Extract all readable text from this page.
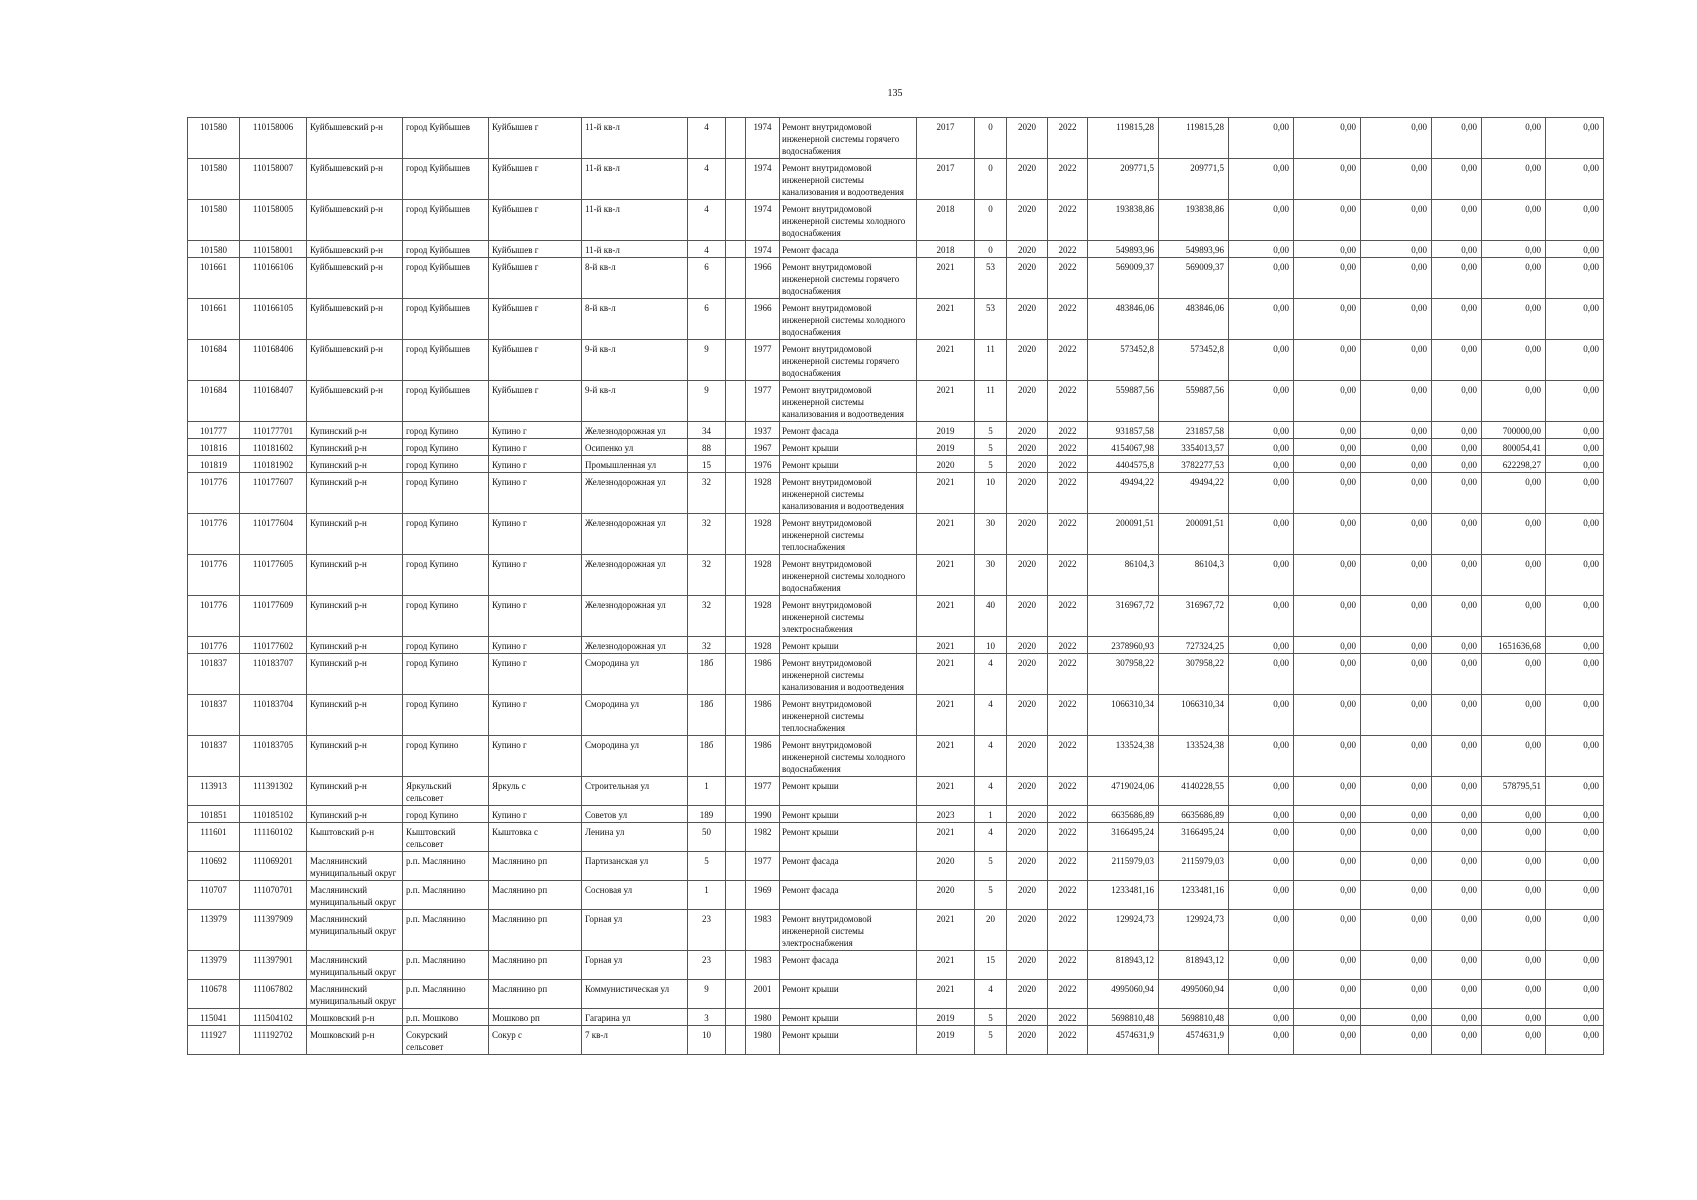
135
101580	110158006	Куйбышевский р-н	город Куйбышев	Куйбышев г	11-й кв-л	4		1974	Ремонт внутридомовой инженерной системы горячего водоснабжения	2017	0	2020	2022	119815,28	119815,28	0,00	0,00	0,00	0,00	0,00	0,00
101580	110158007	Куйбышевский р-н	город Куйбышев	Куйбышев г	11-й кв-л	4		1974	Ремонт внутридомовой инженерной системы канализования и водоотведения	2017	0	2020	2022	209771,5	209771,5	0,00	0,00	0,00	0,00	0,00	0,00
101580	110158005	Куйбышевский р-н	город Куйбышев	Куйбышев г	11-й кв-л	4		1974	Ремонт внутридомовой инженерной системы холодного водоснабжения	2018	0	2020	2022	193838,86	193838,86	0,00	0,00	0,00	0,00	0,00	0,00
101580	110158001	Куйбышевский р-н	город Куйбышев	Куйбышев г	11-й кв-л	4		1974	Ремонт фасада	2018	0	2020	2022	549893,96	549893,96	0,00	0,00	0,00	0,00	0,00	0,00
101661	110166106	Куйбышевский р-н	город Куйбышев	Куйбышев г	8-й кв-л	6		1966	Ремонт внутридомовой инженерной системы горячего водоснабжения	2021	53	2020	2022	569009,37	569009,37	0,00	0,00	0,00	0,00	0,00	0,00
101661	110166105	Куйбышевский р-н	город Куйбышев	Куйбышев г	8-й кв-л	6		1966	Ремонт внутридомовой инженерной системы холодного водоснабжения	2021	53	2020	2022	483846,06	483846,06	0,00	0,00	0,00	0,00	0,00	0,00
101684	110168406	Куйбышевский р-н	город Куйбышев	Куйбышев г	9-й кв-л	9		1977	Ремонт внутридомовой инженерной системы горячего водоснабжения	2021	11	2020	2022	573452,8	573452,8	0,00	0,00	0,00	0,00	0,00	0,00
101684	110168407	Куйбышевский р-н	город Куйбышев	Куйбышев г	9-й кв-л	9		1977	Ремонт внутридомовой инженерной системы канализования и водоотведения	2021	11	2020	2022	559887,56	559887,56	0,00	0,00	0,00	0,00	0,00	0,00
101777	110177701	Купинский р-н	город Купино	Купино г	Железнодорожная ул	34		1937	Ремонт фасада	2019	5	2020	2022	931857,58	231857,58	0,00	0,00	0,00	0,00	700000,00	0,00
101816	110181602	Купинский р-н	город Купино	Купино г	Осипенко ул	88		1967	Ремонт крыши	2019	5	2020	2022	4154067,98	3354013,57	0,00	0,00	0,00	0,00	800054,41	0,00
101819	110181902	Купинский р-н	город Купино	Купино г	Промышленная ул	15		1976	Ремонт крыши	2020	5	2020	2022	4404575,8	3782277,53	0,00	0,00	0,00	0,00	622298,27	0,00
101776	110177607	Купинский р-н	город Купино	Купино г	Железнодорожная ул	32		1928	Ремонт внутридомовой инженерной системы канализования и водоотведения	2021	10	2020	2022	49494,22	49494,22	0,00	0,00	0,00	0,00	0,00	0,00
101776	110177604	Купинский р-н	город Купино	Купино г	Железнодорожная ул	32		1928	Ремонт внутридомовой инженерной системы теплоснабжения	2021	30	2020	2022	200091,51	200091,51	0,00	0,00	0,00	0,00	0,00	0,00
101776	110177605	Купинский р-н	город Купино	Купино г	Железнодорожная ул	32		1928	Ремонт внутридомовой инженерной системы холодного водоснабжения	2021	30	2020	2022	86104,3	86104,3	0,00	0,00	0,00	0,00	0,00	0,00
101776	110177609	Купинский р-н	город Купино	Купино г	Железнодорожная ул	32		1928	Ремонт внутридомовой инженерной системы электроснабжения	2021	40	2020	2022	316967,72	316967,72	0,00	0,00	0,00	0,00	0,00	0,00
101776	110177602	Купинский р-н	город Купино	Купино г	Железнодорожная ул	32		1928	Ремонт крыши	2021	10	2020	2022	2378960,93	727324,25	0,00	0,00	0,00	0,00	1651636,68	0,00
101837	110183707	Купинский р-н	город Купино	Купино г	Смородина ул	18б		1986	Ремонт внутридомовой инженерной системы канализования и водоотведения	2021	4	2020	2022	307958,22	307958,22	0,00	0,00	0,00	0,00	0,00	0,00
101837	110183704	Купинский р-н	город Купино	Купино г	Смородина ул	18б		1986	Ремонт внутридомовой инженерной системы теплоснабжения	2021	4	2020	2022	1066310,34	1066310,34	0,00	0,00	0,00	0,00	0,00	0,00
101837	110183705	Купинский р-н	город Купино	Купино г	Смородина ул	18б		1986	Ремонт внутридомовой инженерной системы холодного водоснабжения	2021	4	2020	2022	133524,38	133524,38	0,00	0,00	0,00	0,00	0,00	0,00
113913	111391302	Купинский р-н	Яркульский сельсовет	Яркуль с	Строительная ул	1		1977	Ремонт крыши	2021	4	2020	2022	4719024,06	4140228,55	0,00	0,00	0,00	0,00	578795,51	0,00
101851	110185102	Купинский р-н	город Купино	Купино г	Советов ул	189		1990	Ремонт крыши	2023	1	2020	2022	6635686,89	6635686,89	0,00	0,00	0,00	0,00	0,00	0,00
111601	111160102	Кыштовский р-н	Кыштовский сельсовет	Кыштовка с	Ленина ул	50		1982	Ремонт крыши	2021	4	2020	2022	3166495,24	3166495,24	0,00	0,00	0,00	0,00	0,00	0,00
110692	111069201	Маслянинский муниципальный округ	р.п. Маслянино	Маслянино рп	Партизанская ул	5		1977	Ремонт фасада	2020	5	2020	2022	2115979,03	2115979,03	0,00	0,00	0,00	0,00	0,00	0,00
110707	111070701	Маслянинский муниципальный округ	р.п. Маслянино	Маслянино рп	Сосновая ул	1		1969	Ремонт фасада	2020	5	2020	2022	1233481,16	1233481,16	0,00	0,00	0,00	0,00	0,00	0,00
113979	111397909	Маслянинский муниципальный округ	р.п. Маслянино	Маслянино рп	Горная ул	23		1983	Ремонт внутридомовой инженерной системы электроснабжения	2021	20	2020	2022	129924,73	129924,73	0,00	0,00	0,00	0,00	0,00	0,00
113979	111397901	Маслянинский муниципальный округ	р.п. Маслянино	Маслянино рп	Горная ул	23		1983	Ремонт фасада	2021	15	2020	2022	818943,12	818943,12	0,00	0,00	0,00	0,00	0,00	0,00
110678	111067802	Маслянинский муниципальный округ	р.п. Маслянино	Маслянино рп	Коммунистическая ул	9		2001	Ремонт крыши	2021	4	2020	2022	4995060,94	4995060,94	0,00	0,00	0,00	0,00	0,00	0,00
115041	111504102	Мошковский р-н	р.п. Мошково	Мошково рп	Гагарина ул	3		1980	Ремонт крыши	2019	5	2020	2022	5698810,48	5698810,48	0,00	0,00	0,00	0,00	0,00	0,00
111927	111192702	Мошковский р-н	Сокурский сельсовет	Сокур с	7 кв-л	10		1980	Ремонт крыши	2019	5	2020	2022	4574631,9	4574631,9	0,00	0,00	0,00	0,00	0,00	0,00
